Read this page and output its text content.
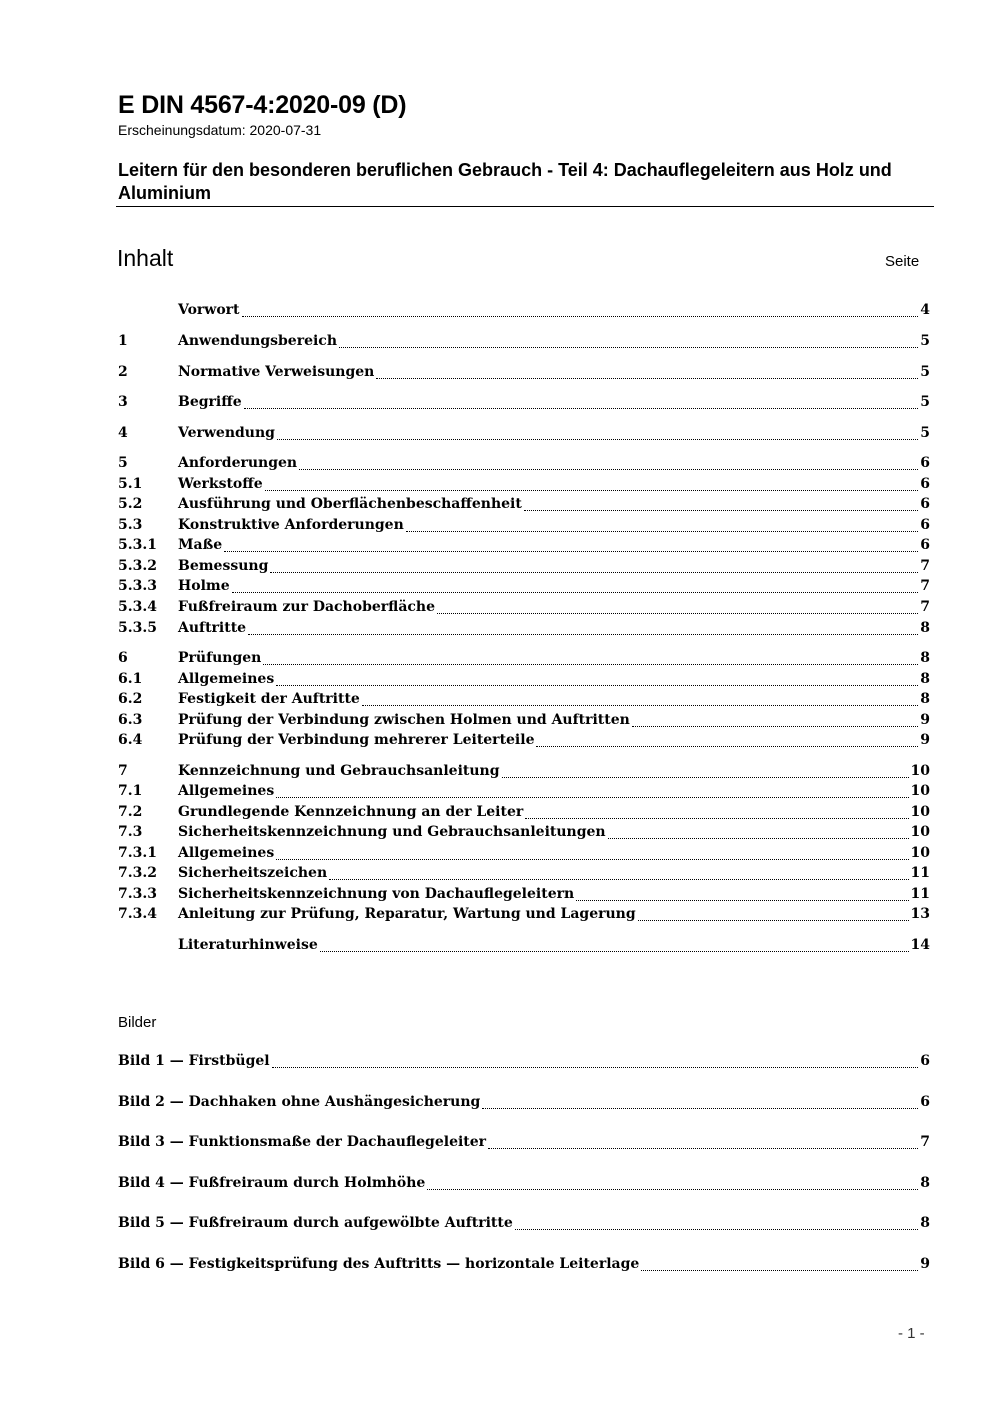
E DIN 4567-4:2020-09 (D)
Erscheinungsdatum: 2020-07-31
Leitern für den besonderen beruflichen Gebrauch - Teil 4: Dachauflegeleitern aus Holz und Aluminium
Inhalt	Seite
Vorwort	4
1	Anwendungsbereich	5
2	Normative Verweisungen	5
3	Begriffe	5
4	Verwendung	5
5	Anforderungen	6
5.1	Werkstoffe	6
5.2	Ausführung und Oberflächenbeschaffenheit	6
5.3	Konstruktive Anforderungen	6
5.3.1	Maße	6
5.3.2	Bemessung	7
5.3.3	Holme	7
5.3.4	Fußfreiraum zur Dachoberfläche	7
5.3.5	Auftritte	8
6	Prüfungen	8
6.1	Allgemeines	8
6.2	Festigkeit der Auftritte	8
6.3	Prüfung der Verbindung zwischen Holmen und Auftritten	9
6.4	Prüfung der Verbindung mehrerer Leiterteile	9
7	Kennzeichnung und Gebrauchsanleitung	10
7.1	Allgemeines	10
7.2	Grundlegende Kennzeichnung an der Leiter	10
7.3	Sicherheitskennzeichnung und Gebrauchsanleitungen	10
7.3.1	Allgemeines	10
7.3.2	Sicherheitszeichen	11
7.3.3	Sicherheitskennzeichnung von Dachauflegeleitern	11
7.3.4	Anleitung zur Prüfung, Reparatur, Wartung und Lagerung	13
Literaturhinweise	14
Bilder
Bild 1 — Firstbügel	6
Bild 2 — Dachhaken ohne Aushängesicherung	6
Bild 3 — Funktionsmaße der Dachauflegeleiter	7
Bild 4 — Fußfreiraum durch Holmhöhe	8
Bild 5 — Fußfreiraum durch aufgewölbte Auftritte	8
Bild 6 — Festigkeitsprüfung des Auftritts — horizontale Leiterlage	9
- 1 -
